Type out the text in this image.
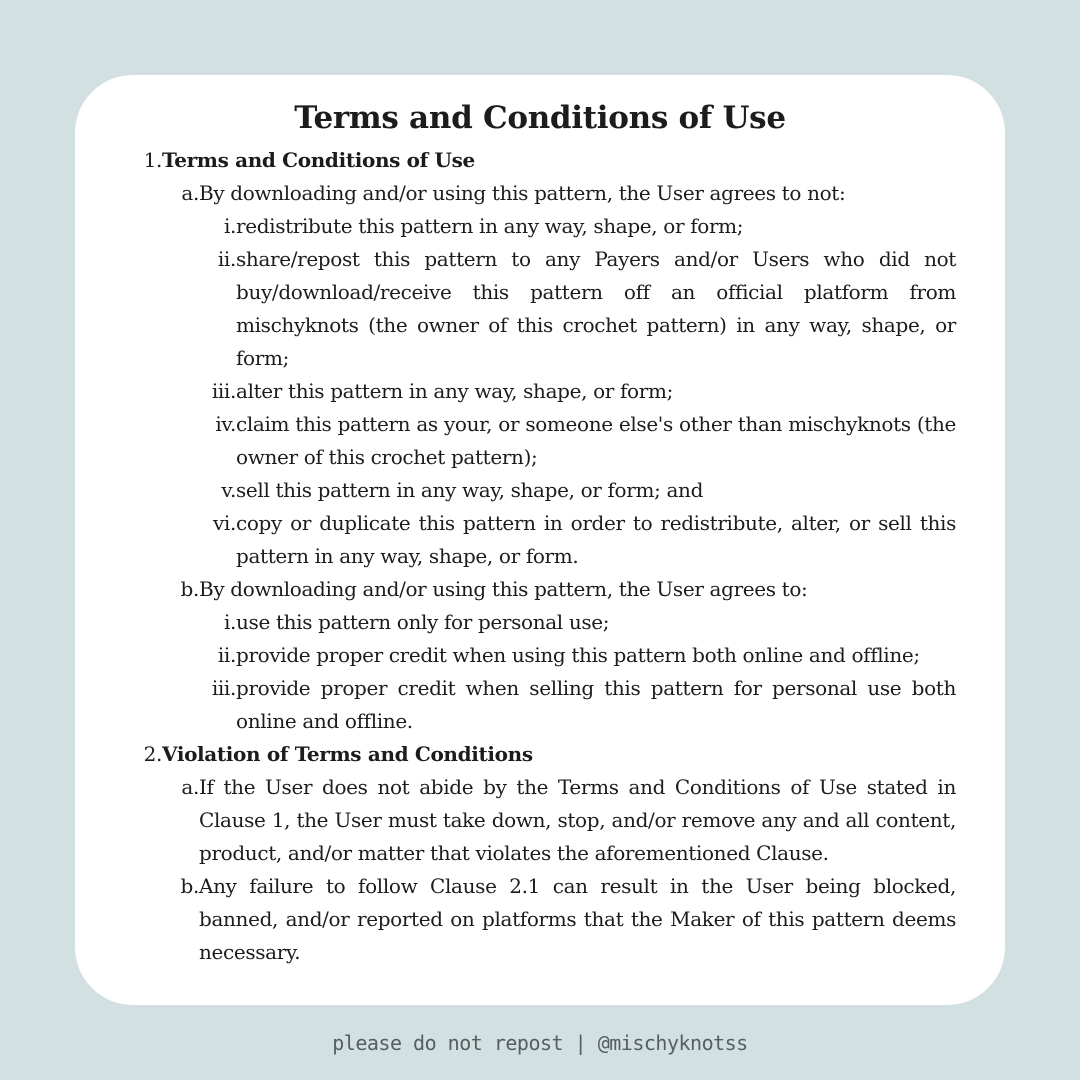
Terms and Conditions of Use
1. Terms and Conditions of Use
a. By downloading and/or using this pattern, the User agrees to not:
i. redistribute this pattern in any way, shape, or form;
ii. share/repost this pattern to any Payers and/or Users who did not buy/download/receive this pattern off an official platform from mischyknots (the owner of this crochet pattern) in any way, shape, or form;
iii. alter this pattern in any way, shape, or form;
iv. claim this pattern as your, or someone else's other than mischyknots (the owner of this crochet pattern);
v. sell this pattern in any way, shape, or form; and
vi. copy or duplicate this pattern in order to redistribute, alter, or sell this pattern in any way, shape, or form.
b. By downloading and/or using this pattern, the User agrees to:
i. use this pattern only for personal use;
ii. provide proper credit when using this pattern both online and offline;
iii. provide proper credit when selling this pattern for personal use both online and offline.
2. Violation of Terms and Conditions
a. If the User does not abide by the Terms and Conditions of Use stated in Clause 1, the User must take down, stop, and/or remove any and all content, product, and/or matter that violates the aforementioned Clause.
b. Any failure to follow Clause 2.1 can result in the User being blocked, banned, and/or reported on platforms that the Maker of this pattern deems necessary.
please do not repost | @mischyknotss
